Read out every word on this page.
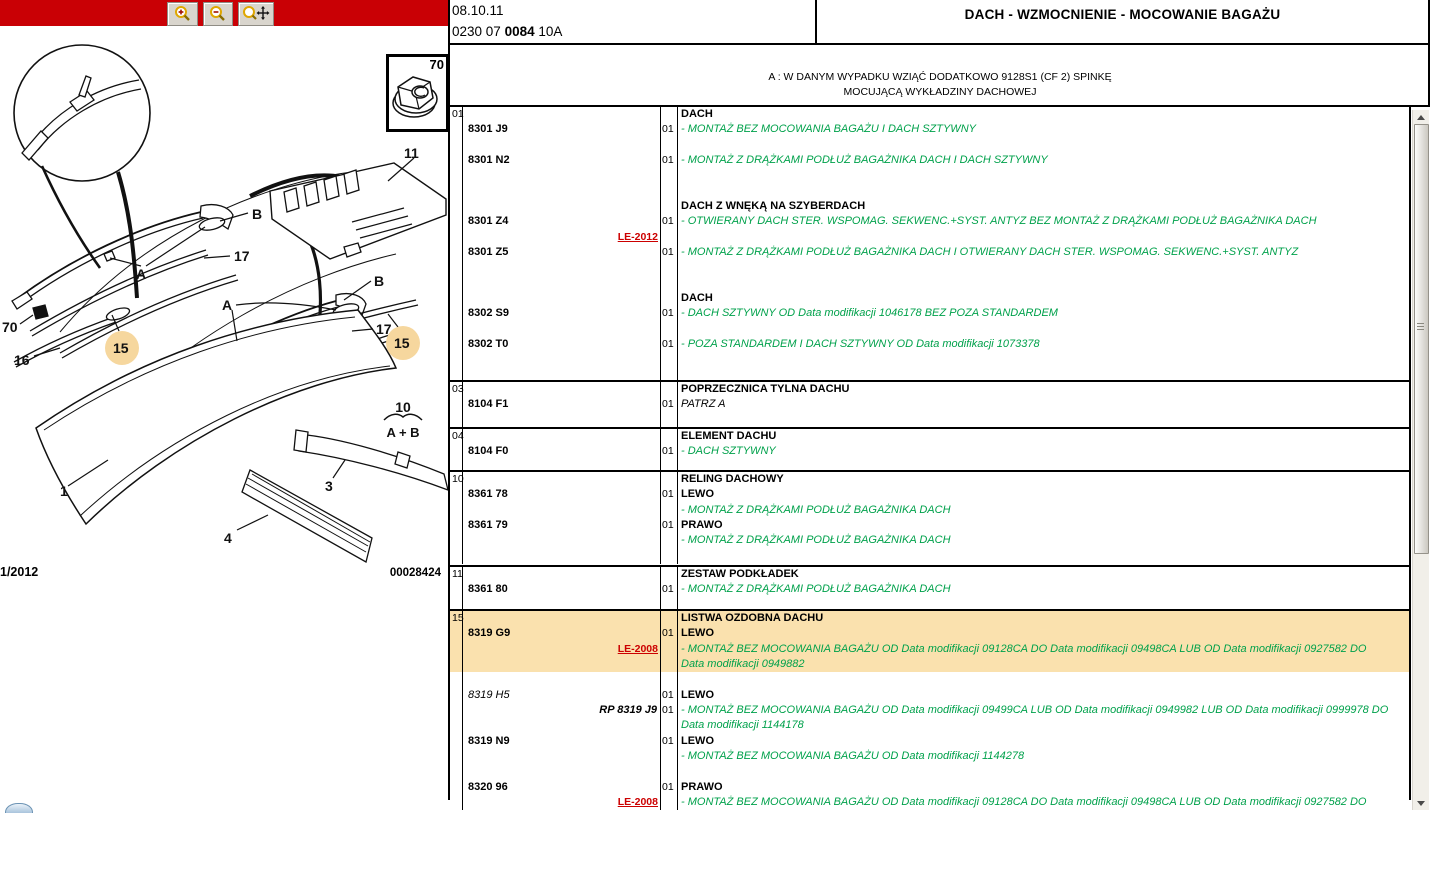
11
B
17
A	B
A
17
16
70
1	3
4
15	15
10
A + B
1/2012	00028424
70
08.10.11
0230 07 0084 10A
DACH - WZMOCNIENIE - MOCOWANIE BAGAŻU
A : W DANYM WYPADKU WZIĄĆ DODATKOWO 9128S1 (CF 2) SPINKĘ
MOCUJĄCĄ WYKŁADZINY DACHOWEJ
01	DACH
8301 J9	01 - MONTAŻ BEZ MOCOWANIA BAGAŻU I DACH SZTYWNY
8301 N2	01 - MONTAŻ Z DRĄŻKAMI PODŁUŻ BAGAŻNIKA DACH I DACH SZTYWNY
DACH Z WNĘKĄ NA SZYBERDACH
8301 Z4	01 - OTWIERANY DACH STER. WSPOMAG. SEKWENC.+SYST. ANTYZ BEZ MONTAŻ Z DRĄŻKAMI PODŁUŻ BAGAŻNIKA DACH
LE-2012
8301 Z5	01 - MONTAŻ Z DRĄŻKAMI PODŁUŻ BAGAŻNIKA DACH I OTWIERANY DACH STER. WSPOMAG. SEKWENC.+SYST. ANTYZ
DACH
8302 S9	01 - DACH SZTYWNY OD Data modifikacji 1046178 BEZ POZA STANDARDEM
8302 T0	01 - POZA STANDARDEM I DACH SZTYWNY OD Data modifikacji 1073378
03	POPRZECZNICA TYLNA DACHU
8104 F1	01 PATRZ A
04	ELEMENT DACHU
8104 F0	01 - DACH SZTYWNY
10	RELING DACHOWY
8361 78	01 LEWO
- MONTAŻ Z DRĄŻKAMI PODŁUŻ BAGAŻNIKA DACH
8361 79	01 PRAWO
- MONTAŻ Z DRĄŻKAMI PODŁUŻ BAGAŻNIKA DACH
11	ZESTAW PODKŁADEK
8361 80	01 - MONTAŻ Z DRĄŻKAMI PODŁUŻ BAGAŻNIKA DACH
15	LISTWA OZDOBNA DACHU
8319 G9	01 LEWO
LE-2008 - MONTAŻ BEZ MOCOWANIA BAGAŻU OD Data modifikacji 09128CA DO Data modifikacji 09498CA LUB OD Data modifikacji 0927582 DO
Data modifikacji 0949882
8319 H5	01 LEWO
RP 8319 J9 01 - MONTAŻ BEZ MOCOWANIA BAGAŻU OD Data modifikacji 09499CA LUB OD Data modifikacji 0949982 LUB OD Data modifikacji 0999978 DO
Data modifikacji 1144178
8319 N9	01 LEWO
- MONTAŻ BEZ MOCOWANIA BAGAŻU OD Data modifikacji 1144278
8320 96	01 PRAWO
LE-2008 - MONTAŻ BEZ MOCOWANIA BAGAŻU OD Data modifikacji 09128CA DO Data modifikacji 09498CA LUB OD Data modifikacji 0927582 DO
